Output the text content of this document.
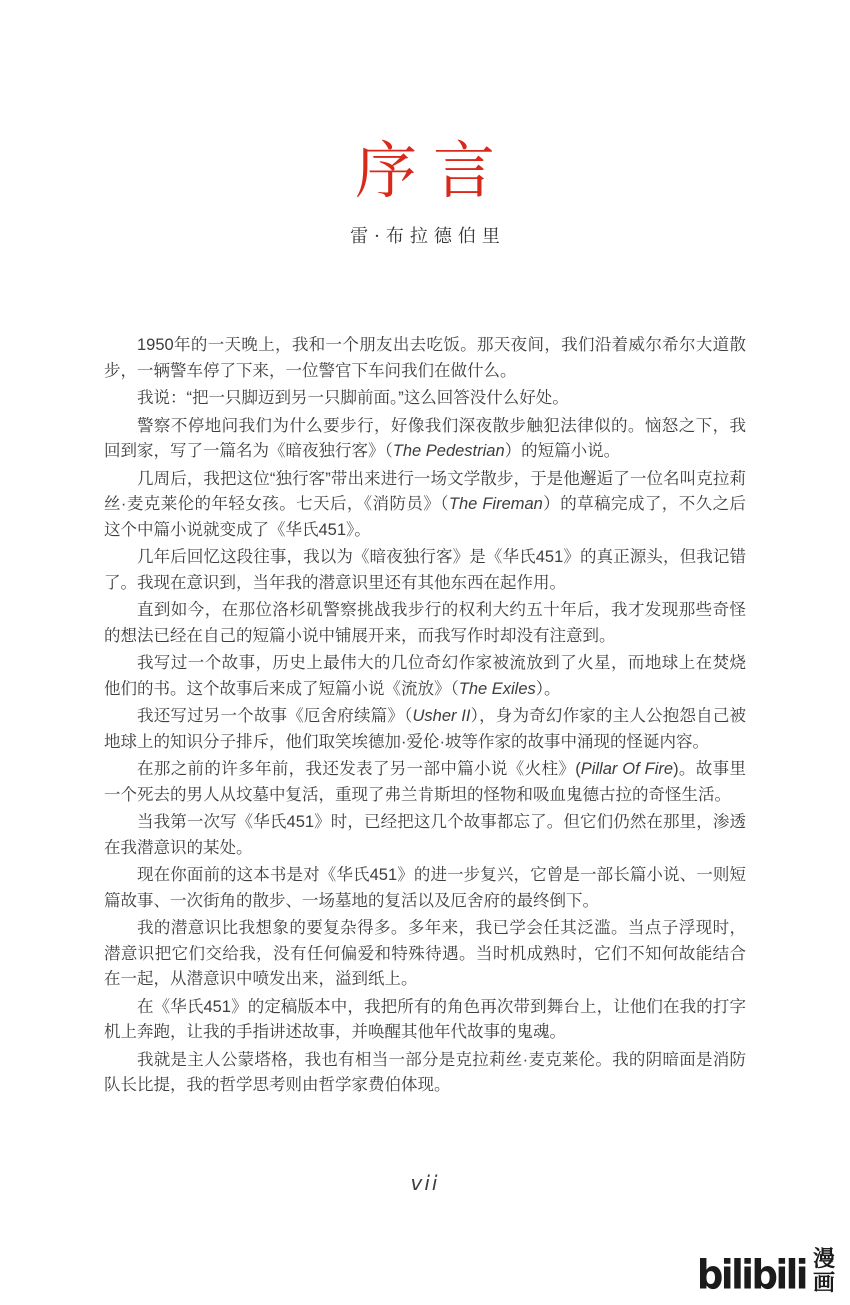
序言
雷·布拉德伯里

1950年的一天晚上，我和一个朋友出去吃饭。那天夜间，我们沿着威尔希尔大道散步，一辆警车停了下来，一位警官下车问我们在做什么。

我说：“把一只脚迈到另一只脚前面。”这么回答没什么好处。

警察不停地问我们为什么要步行，好像我们深夜散步触犯法律似的。恼怒之下，我回到家，写了一篇名为《暗夜独行客》（The Pedestrian）的短篇小说。

几周后，我把这位“独行客”带出来进行一场文学散步，于是他邂逅了一位名叫克拉莉丝·麦克莱伦的年轻女孩。七天后，《消防员》（The Fireman）的草稿完成了，不久之后这个中篇小说就变成了《华氏451》。

几年后回忆这段往事，我以为《暗夜独行客》是《华氏451》的真正源头，但我记错了。我现在意识到，当年我的潜意识里还有其他东西在起作用。

直到如今，在那位洛杉矶警察挑战我步行的权利大约五十年后，我才发现那些奇怪的想法已经在自己的短篇小说中铺展开来，而我写作时却没有注意到。

我写过一个故事，历史上最伟大的几位奇幻作家被流放到了火星，而地球上在焚烧他们的书。这个故事后来成了短篇小说《流放》（The Exiles）。

我还写过另一个故事《厄舍府续篇》（Usher II），身为奇幻作家的主人公抱怨自己被地球上的知识分子排斥，他们取笑埃德加·爱伦·坡等作家的故事中涌现的怪诞内容。

在那之前的许多年前，我还发表了另一部中篇小说《火柱》(Pillar Of Fire)。故事里一个死去的男人从坟墓中复活，重现了弗兰肯斯坦的怪物和吸血鬼德古拉的奇怪生活。

当我第一次写《华氏451》时，已经把这几个故事都忘了。但它们仍然在那里，渗透在我潜意识的某处。

现在你面前的这本书是对《华氏451》的进一步复兴，它曾是一部长篇小说、一则短篇故事、一次街角的散步、一场墓地的复活以及厄舍府的最终倒下。

我的潜意识比我想象的要复杂得多。多年来，我已学会任其泛滥。当点子浮现时，潜意识把它们交给我，没有任何偏爱和特殊待遇。当时机成熟时，它们不知何故能结合在一起，从潜意识中喷发出来，溢到纸上。

在《华氏451》的定稿版本中，我把所有的角色再次带到舞台上，让他们在我的打字机上奔跑，让我的手指讲述故事，并唤醒其他年代故事的鬼魂。

我就是主人公蒙塔格，我也有相当一部分是克拉莉丝·麦克莱伦。我的阴暗面是消防队长比提，我的哲学思考则由哲学家费伯体现。

vii
bilibili 漫画
